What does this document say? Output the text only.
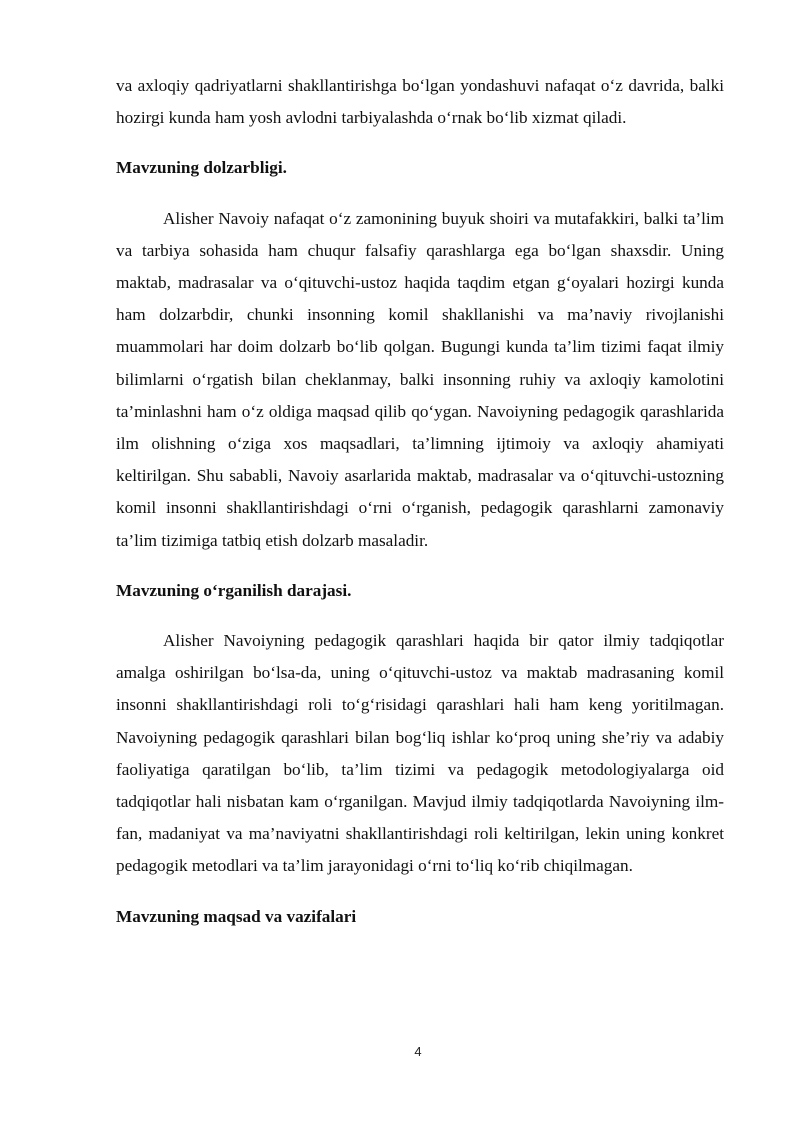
va axloqiy qadriyatlarni shakllantirishga bo‘lgan yondashuvi nafaqat o‘z davrida, balki hozirgi kunda ham yosh avlodni tarbiyalashda o‘rnak bo‘lib xizmat qiladi.

Mavzuning dolzarbligi.

Alisher Navoiy nafaqat o‘z zamonining buyuk shoiri va mutafakkiri, balki ta’lim va tarbiya sohasida ham chuqur falsafiy qarashlarga ega bo‘lgan shaxsdir. Uning maktab, madrasalar va o‘qituvchi-ustoz haqida taqdim etgan g‘oyalari hozirgi kunda ham dolzarbdir, chunki insonning komil shakllanishi va ma’naviy rivojlanishi muammolari har doim dolzarb bo‘lib qolgan. Bugungi kunda ta’lim tizimi faqat ilmiy bilimlarni o‘rgatish bilan cheklanmay, balki insonning ruhiy va axloqiy kamolotini ta’minlashni ham o‘z oldiga maqsad qilib qo‘ygan. Navoiyning pedagogik qarashlarida ilm olishning o‘ziga xos maqsadlari, ta’limning ijtimoiy va axloqiy ahamiyati keltirilgan. Shu sababli, Navoiy asarlarida maktab, madrasalar va o‘qituvchi-ustozning komil insonni shakllantirishdagi o‘rni o‘rganish, pedagogik qarashlarni zamonaviy ta’lim tizimiga tatbiq etish dolzarb masaladir.

Mavzuning o‘rganilish darajasi.

Alisher Navoiyning pedagogik qarashlari haqida bir qator ilmiy tadqiqotlar amalga oshirilgan bo‘lsa-da, uning o‘qituvchi-ustoz va maktab madrasaning komil insonni shakllantirishdagi roli to‘g‘risidagi qarashlari hali ham keng yoritilmagan. Navoiyning pedagogik qarashlari bilan bog‘liq ishlar ko‘proq uning she’riy va adabiy faoliyatiga qaratilgan bo‘lib, ta’lim tizimi va pedagogik metodologiyalarga oid tadqiqotlar hali nisbatan kam o‘rganilgan. Mavjud ilmiy tadqiqotlarda Navoiyning ilm-fan, madaniyat va ma’naviyatni shakllantirishdagi roli keltirilgan, lekin uning konkret pedagogik metodlari va ta’lim jarayonidagi o‘rni to‘liq ko‘rib chiqilmagan.

Mavzuning maqsad va vazifalari

4
